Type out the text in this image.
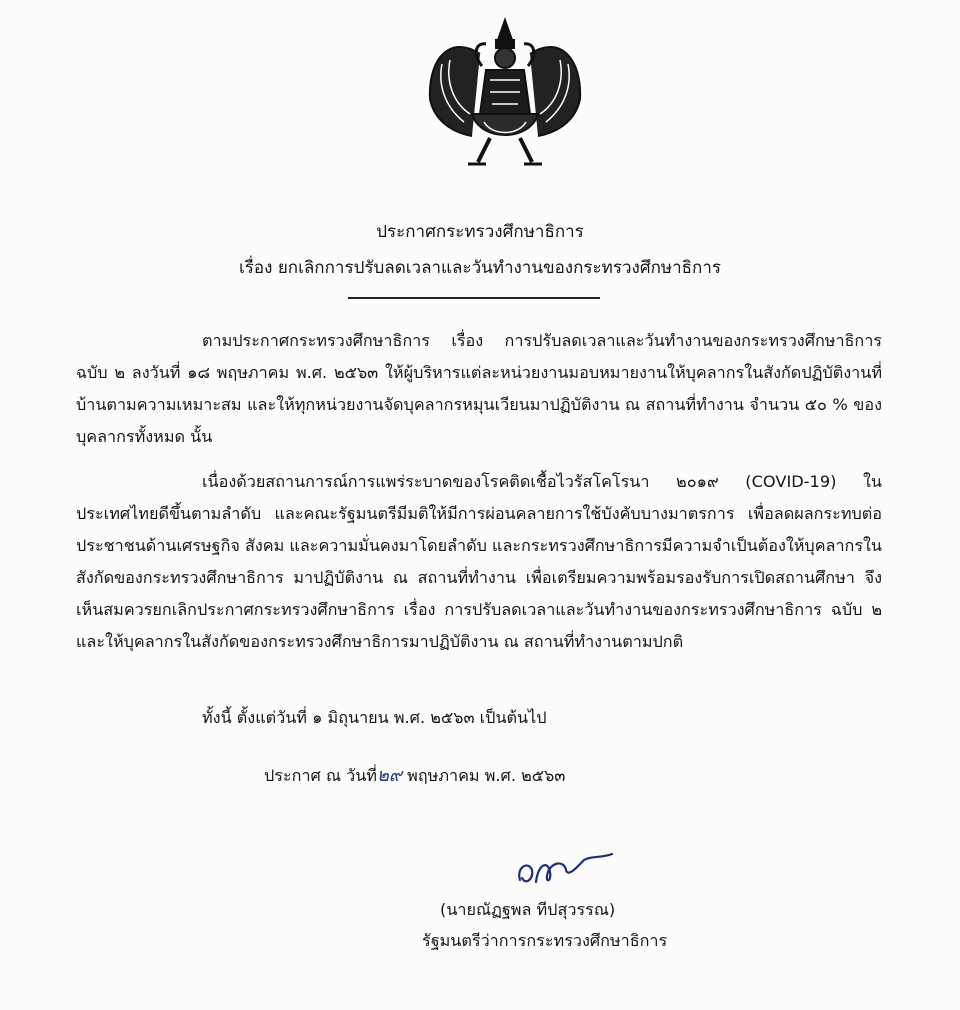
ประกาศกระทรวงศึกษาธิการ
เรื่อง ยกเลิกการปรับลดเวลาและวันทำงานของกระทรวงศึกษาธิการ

ตามประกาศกระทรวงศึกษาธิการ เรื่อง การปรับลดเวลาและวันทำงานของกระทรวงศึกษาธิการ ฉบับ ๒ ลงวันที่ ๑๘ พฤษภาคม พ.ศ. ๒๕๖๓ ให้ผู้บริหารแต่ละหน่วยงานมอบหมายงานให้บุคลากรในสังกัดปฏิบัติงานที่บ้านตามความเหมาะสม และให้ทุกหน่วยงานจัดบุคลากรหมุนเวียนมาปฏิบัติงาน ณ สถานที่ทำงาน จำนวน ๕๐ % ของบุคลากรทั้งหมด นั้น

เนื่องด้วยสถานการณ์การแพร่ระบาดของโรคติดเชื้อไวรัสโคโรนา ๒๐๑๙ (COVID-19) ในประเทศไทยดีขึ้นตามลำดับ และคณะรัฐมนตรีมีมติให้มีการผ่อนคลายการใช้บังคับบางมาตรการ เพื่อลดผลกระทบต่อประชาชนด้านเศรษฐกิจ สังคม และความมั่นคงมาโดยลำดับ และกระทรวงศึกษาธิการมีความจำเป็นต้องให้บุคลากรในสังกัดของกระทรวงศึกษาธิการ มาปฏิบัติงาน ณ สถานที่ทำงาน เพื่อเตรียมความพร้อมรองรับการเปิดสถานศึกษา จึงเห็นสมควรยกเลิกประกาศกระทรวงศึกษาธิการ เรื่อง การปรับลดเวลาและวันทำงานของกระทรวงศึกษาธิการ ฉบับ ๒ และให้บุคลากรในสังกัดของกระทรวงศึกษาธิการมาปฏิบัติงาน ณ สถานที่ทำงานตามปกติ

ทั้งนี้ ตั้งแต่วันที่ ๑ มิถุนายน พ.ศ. ๒๕๖๓ เป็นต้นไป
ประกาศ ณ วันที่๒๙ พฤษภาคม พ.ศ. ๒๕๖๓
(นายณัฏฐพล ทีปสุวรรณ)
รัฐมนตรีว่าการกระทรวงศึกษาธิการ
